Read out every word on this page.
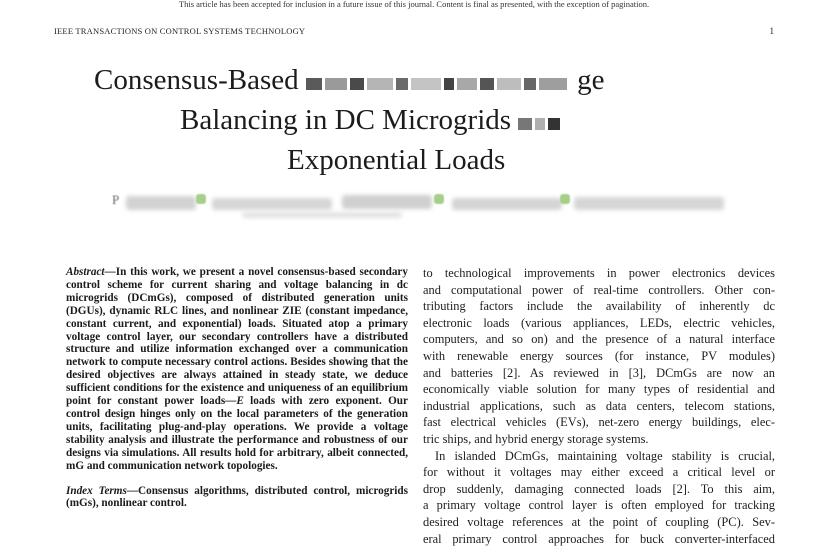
This article has been accepted for inclusion in a future issue of this journal. Content is final as presented, with the exception of pagination.
IEEE TRANSACTIONS ON CONTROL SYSTEMS TECHNOLOGY	1
Consensus-Based	ge
Balancing in DC Microgrids
Exponential Loads
P

Abstract—In this work, we present a novel consensus-based secondary control scheme for current sharing and voltage balancing in dc microgrids (DCmGs), composed of distributed generation units (DGUs), dynamic RLC lines, and nonlinear ZIE (constant impedance, constant current, and exponential) loads. Situated atop a primary voltage control layer, our secondary controllers have a distributed structure and utilize information exchanged over a communication network to compute necessary control actions. Besides showing that the desired objectives are always attained in steady state, we deduce sufficient conditions for the existence and uniqueness of an equilibrium point for constant power loads—E loads with zero exponent. Our control design hinges only on the local parameters of the generation units, facilitating plug-and-play operations. We provide a voltage stability analysis and illustrate the performance and robustness of our designs via simulations. All results hold for arbitrary, albeit connected, mG and communication network topologies.

Index Terms—Consensus algorithms, distributed control, microgrids (mGs), nonlinear control.

to technological improvements in power electronics devices
and computational power of real-time controllers. Other con-
tributing factors include the availability of inherently dc
electronic loads (various appliances, LEDs, electric vehicles,
computers, and so on) and the presence of a natural interface
with renewable energy sources (for instance, PV modules)
and batteries [2]. As reviewed in [3], DCmGs are now an
economically viable solution for many types of residential and
industrial applications, such as data centers, telecom stations,
fast electrical vehicles (EVs), net-zero energy buildings, elec-
tric ships, and hybrid energy storage systems.
In islanded DCmGs, maintaining voltage stability is crucial,
for without it voltages may either exceed a critical level or
drop suddenly, damaging connected loads [2]. To this aim,
a primary voltage control layer is often employed for tracking
desired voltage references at the point of coupling (PC). Sev-
eral primary control approaches for buck converter-interfaced
